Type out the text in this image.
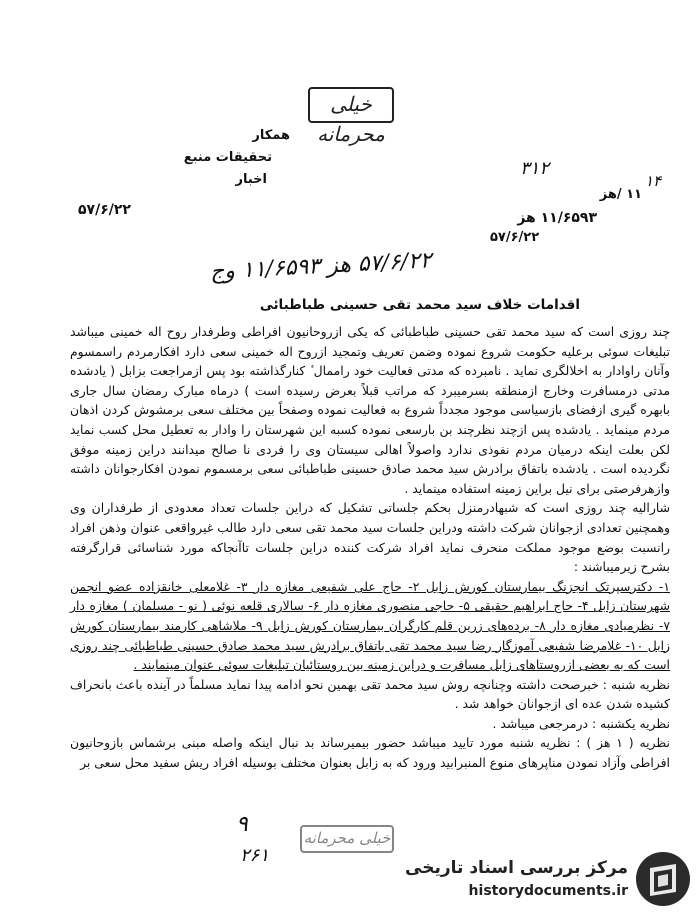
خیلی محرمانه
همکار
تحقیقات منبع
اخبار
۵۷/۶/۲۲
۳۱۲
۱۴
۱۱ /هز
۱۱/۶۵۹۳ هز
۵۷/۶/۲۲
۵۷/۶/۲۲ هز ۱۱/۶۵۹۳ وج
اقدامات خلاف سید محمد تقی حسینی طباطبائی

چند روزی است که سید محمد تقی حسینی طباطبائی که یکی ازروحانیون افراطی وطرفدار روح اله خمینی میباشد تبلیغات سوئی برعلیه حکومت شروع نموده وضمن تعریف وتمجید ازروح اله خمینی سعی دارد افکارمردم راسمسوم وآنان راوادار به اخلالگری نماید . نامبرده که مدتی فعالیت خود راممال ٔ کنارگذاشته بود پس ازمراجعت بزابل ( یادشده مدتی درمسافرت وخارج ازمنطقه بسرمیبرد که مراتب قبلاً بعرض رسیده است ) درماه مبارک رمضان سال جاری بابهره گیری ازفضای بازسیاسی موجود مجدداً شروع به فعالیت نموده وصفحاً بین مختلف سعی برمشوش کردن اذهان مردم مینماید . یادشده پس ازچند نظرچند بن بارسعی نموده کسبه این شهرستان را وادار به تعطیل محل کسب نماید لکن بعلت اینکه درمیان مردم نفوذی ندارد واصولاً اهالی سیستان وی را فردی نا صالح میدانند دراین زمینه موفق نگردیده است . یادشده باتفاق برادرش سید محمد صادق حسینی طباطبائی سعی برمسموم نمودن افکارجوانان داشته وازهرفرصتی برای نیل براین زمینه استفاده مینماید .

شارالیه چند روزی است که شبهادرمنزل بحکم جلساتی تشکیل که دراین جلسات تعداد معدودی از طرفداران وی وهمچنین تعدادی ازجوانان شرکت داشته ودراین جلسات سید محمد تقی سعی دارد طالب غیرواقعی عنوان وذهن افراد رانسبت بوضع موجود مملکت منحرف نماید افراد شرکت کننده دراین جلسات تاآنجاکه مورد شناسائی قرارگرفته بشرح زیرمیباشند :

۱- دکترسپرتک انجزنگ بیمارستان کورش زابل ۲- حاج علی شفیعی مغازه دار ۳- غلامعلی خانقزاده عضو انجمن شهرستان زابل ۴- حاج ابراهیم حقیقی ۵- حاجی منصوری مغازه دار ۶- سالاری قلعه نوئی ( نو - مسلمان ) مغازه دار ۷- نظرمیادی مغازه دار ۸- برده‌های زرین قلم کارگران بیمارستان کورش زابل ۹- ملاشاهی کارمند بیمارستان کورش زابل ۱۰- غلامرضا شفیعی آموزگار رضا سید محمد تقی باتفاق برادرش سید محمد صادق حسینی طباطبائی چند روزی است که به بعضی ازروستاهای زابل مسافرت و دراین زمینه بین روستائیان تبلیغات سوئی عنوان مینمایند .

نظریه شنبه : خبرصحت داشته وچنانچه روش سید محمد تقی بهمین نحو ادامه پیدا نماید مسلماً در آینده باعث بانحراف کشیده شدن عده ای ازجوانان خواهد شد .

نظریه یکشنبه : درمرجعی میباشد .

نظریه ( ۱ هز ) : نظریه شنبه مورد تایید میباشد حضور بیمیرساند بد نبال اینکه واصله مبنی برشماس بازوحانیون افراطی وآزاد نمودن مناپرهای منوع المنبرابید ورود که به زابل بعنوان مختلف بوسیله افراد ریش سفید محل سعی بر

۹
۲۶۱
خیلی محرمانه
مرکز بررسی اسناد تاریخی
historydocuments.ir
